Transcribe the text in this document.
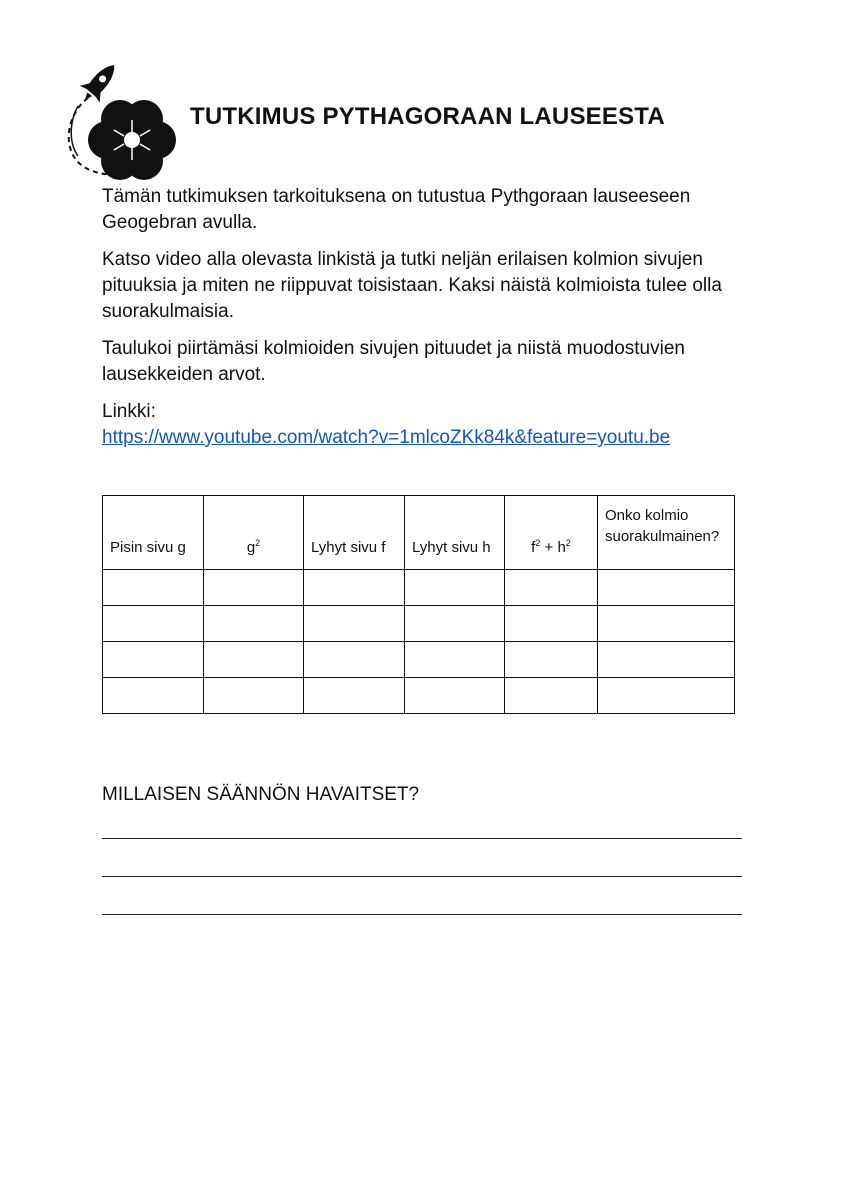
TUTKIMUS PYTHAGORAAN LAUSEESTA

Tämän tutkimuksen tarkoituksena on tutustua Pythgoraan lauseeseen Geogebran avulla.

Katso video alla olevasta linkistä ja tutki neljän erilaisen kolmion sivujen pituuksia ja miten ne riippuvat toisistaan. Kaksi näistä kolmioista tulee olla suorakulmaisia.

Taulukoi piirtämäsi kolmioiden sivujen pituudet ja niistä muodostuvien lausekkeiden arvot.

Linkki:
https://www.youtube.com/watch?v=1mlcoZKk84k&feature=youtu.be

Pisin sivu g	$g^2$	Lyhyt sivu f	Lyhyt sivu h	$f^2 + h^2$	Onko kolmio
suorakulmainen?

MILLAISEN SÄÄNNÖN HAVAITSET?
